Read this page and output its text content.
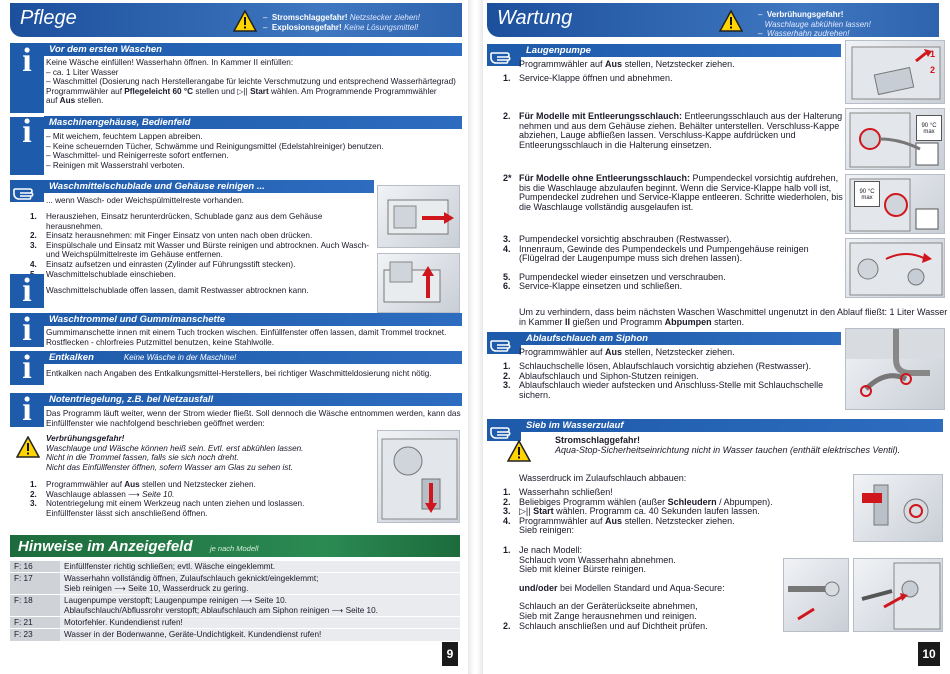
Pflege	–  Stromschlaggefahr! Netzstecker ziehen!
–  Explosionsgefahr! Keine Lösungsmittel!
i	Vor dem ersten Waschen
Keine Wäsche einfüllen! Wasserhahn öffnen. In Kammer II einfüllen:
– ca. 1 Liter Wasser
– Waschmittel (Dosierung nach Herstellerangabe für leichte Verschmutzung und entsprechend Wasserhärtegrad)
Programmwähler auf Pflegeleicht 60 °C stellen und ▷|| Start wählen. Am Programmende Programmwähler
auf Aus stellen.
i	Maschinengehäuse, Bedienfeld
– Mit weichem, feuchtem Lappen abreiben.
– Keine scheuernden Tücher, Schwämme und Reinigungsmittel (Edelstahlreiniger) benutzen.
– Waschmittel- und Reinigerreste sofort entfernen.
– Reinigen mit Wasserstrahl verboten.
Waschmittelschublade und Gehäuse reinigen ...
... wenn Wasch- oder Weichspülmittelreste vorhanden.
1. Herausziehen, Einsatz herunterdrücken, Schublade ganz aus dem Gehäuse herausnehmen.
2. Einsatz herausnehmen: mit Finger Einsatz von unten nach oben drücken.
3. Einspülschale und Einsatz mit Wasser und Bürste reinigen und abtrocknen. Auch Wasch- und Weichspülmittelreste im Gehäuse entfernen.
4. Einsatz aufsetzen und einrasten (Zylinder auf Führungsstift stecken).
Waschmittelschublade einschieben.
i	Waschmittelschublade offen lassen, damit Restwasser abtrocknen kann.
i	Waschtrommel und Gummimanschette
Gummimanschette innen mit einem Tuch trocken wischen. Einfüllfenster offen lassen, damit Trommel trocknet.
Rostflecken - chlorfreies Putzmittel benutzen, keine Stahlwolle.
i	Entkalken	Keine Wäsche in der Maschine!
Entkalken nach Angaben des Entkalkungsmittel-Herstellers, bei richtiger Waschmitteldosierung nicht nötig.
i	Notentriegelung, z.B. bei Netzausfall
Das Programm läuft weiter, wenn der Strom wieder fließt. Soll dennoch die Wäsche entnommen werden, kann das
Einfüllfenster wie nachfolgend beschrieben geöffnet werden:
Verbrühungsgefahr!
Waschlauge und Wäsche können heiß sein. Evtl. erst abkühlen lassen.
Nicht in die Trommel fassen, falls sie sich noch dreht.
Nicht das Einfüllfenster öffnen, sofern Wasser am Glas zu sehen ist.
1. Programmwähler auf Aus stellen und Netzstecker ziehen.
2. Waschlauge ablassen ⟶ Seite 10.
3. Notentriegelung mit einem Werkzeug nach unten ziehen und loslassen.
Einfüllfenster lässt sich anschließend öffnen.
Hinweise im Anzeigefeld je nach Modell
F: 16	Einfüllfenster richtig schließen; evtl. Wäsche eingeklemmt.

F: 17	Wasserhahn vollständig öffnen, Zulaufschlauch geknickt/eingeklemmt;
Sieb reinigen ⟶ Seite 10, Wasserdruck zu gering.

F: 18	Laugenpumpe verstopft; Laugenpumpe reinigen ⟶ Seite 10.
Ablaufschlauch/Abflussrohr verstopft; Ablaufschlauch am Siphon reinigen ⟶ Seite 10.

F: 21	Motorfehler. Kundendienst rufen!

F: 23	Wasser in der Bodenwanne, Geräte-Undichtigkeit. Kundendienst rufen!
9
Wartung	–  Verbrühungsgefahr!
Waschlauge abkühlen lassen!
–  Wasserhahn zudrehen!
Laugenpumpe
Programmwähler auf Aus stellen, Netzstecker ziehen.
1. Service-Klappe öffnen und abnehmen.
2. Für Modelle mit Entleerungsschlauch: Entleerungsschlauch aus der Halterung nehmen und aus dem Gehäuse ziehen. Behälter unterstellen. Verschluss-Kappe abziehen, Lauge abfließen lassen. Verschluss-Kappe aufdrücken und Entleerungsschlauch in die Halterung einsetzen.
2* Für Modelle ohne Entleerungsschlauch: Pumpendeckel vorsichtig aufdrehen, bis die Waschlauge abzulaufen beginnt. Wenn die Service-Klappe halb voll ist, Pumpendeckel zudrehen und Service-Klappe entleeren. Schritte wiederholen, bis die Waschlauge vollständig ausgelaufen ist.
3. Pumpendeckel vorsichtig abschrauben (Restwasser).
4. Innenraum, Gewinde des Pumpendeckels und Pumpengehäuse reinigen (Flügelrad der Laugenpumpe muss sich drehen lassen).
5. Pumpendeckel wieder einsetzen und verschrauben.
6. Service-Klappe einsetzen und schließen.
Um zu verhindern, dass beim nächsten Waschen Waschmittel ungenutzt in den Ablauf fließt: 1 Liter Wasser in Kammer II gießen und Programm Abpumpen starten.
1
2
90 °C max
90 °C max
Ablaufschlauch am Siphon
Programmwähler auf Aus stellen, Netzstecker ziehen.
1. Schlauchschelle lösen, Ablaufschlauch vorsichtig abziehen (Restwasser).
2. Ablaufschlauch und Siphon-Stutzen reinigen.
3. Ablaufschlauch wieder aufstecken und Anschluss-Stelle mit Schlauchschelle sichern.
Sieb im Wasserzulauf
Stromschlaggefahr!
Aqua-Stop-Sicherheitseinrichtung nicht in Wasser tauchen (enthält elektrisches Ventil).
Wasserdruck im Zulaufschlauch abbauen:
1. Wasserhahn schließen!
2. Beliebiges Programm wählen (außer Schleudern / Abpumpen).
3. ▷|| Start wählen. Programm ca. 40 Sekunden laufen lassen.
4. Programmwähler auf Aus stellen. Netzstecker ziehen.
Sieb reinigen:
1. Je nach Modell:
Schlauch vom Wasserhahn abnehmen.
Sieb mit kleiner Bürste reinigen.
und/oder bei Modellen Standard und Aqua-Secure:
Schlauch an der Geräterückseite abnehmen,
Sieb mit Zange herausnehmen und reinigen.
2. Schlauch anschließen und auf Dichtheit prüfen.
10
